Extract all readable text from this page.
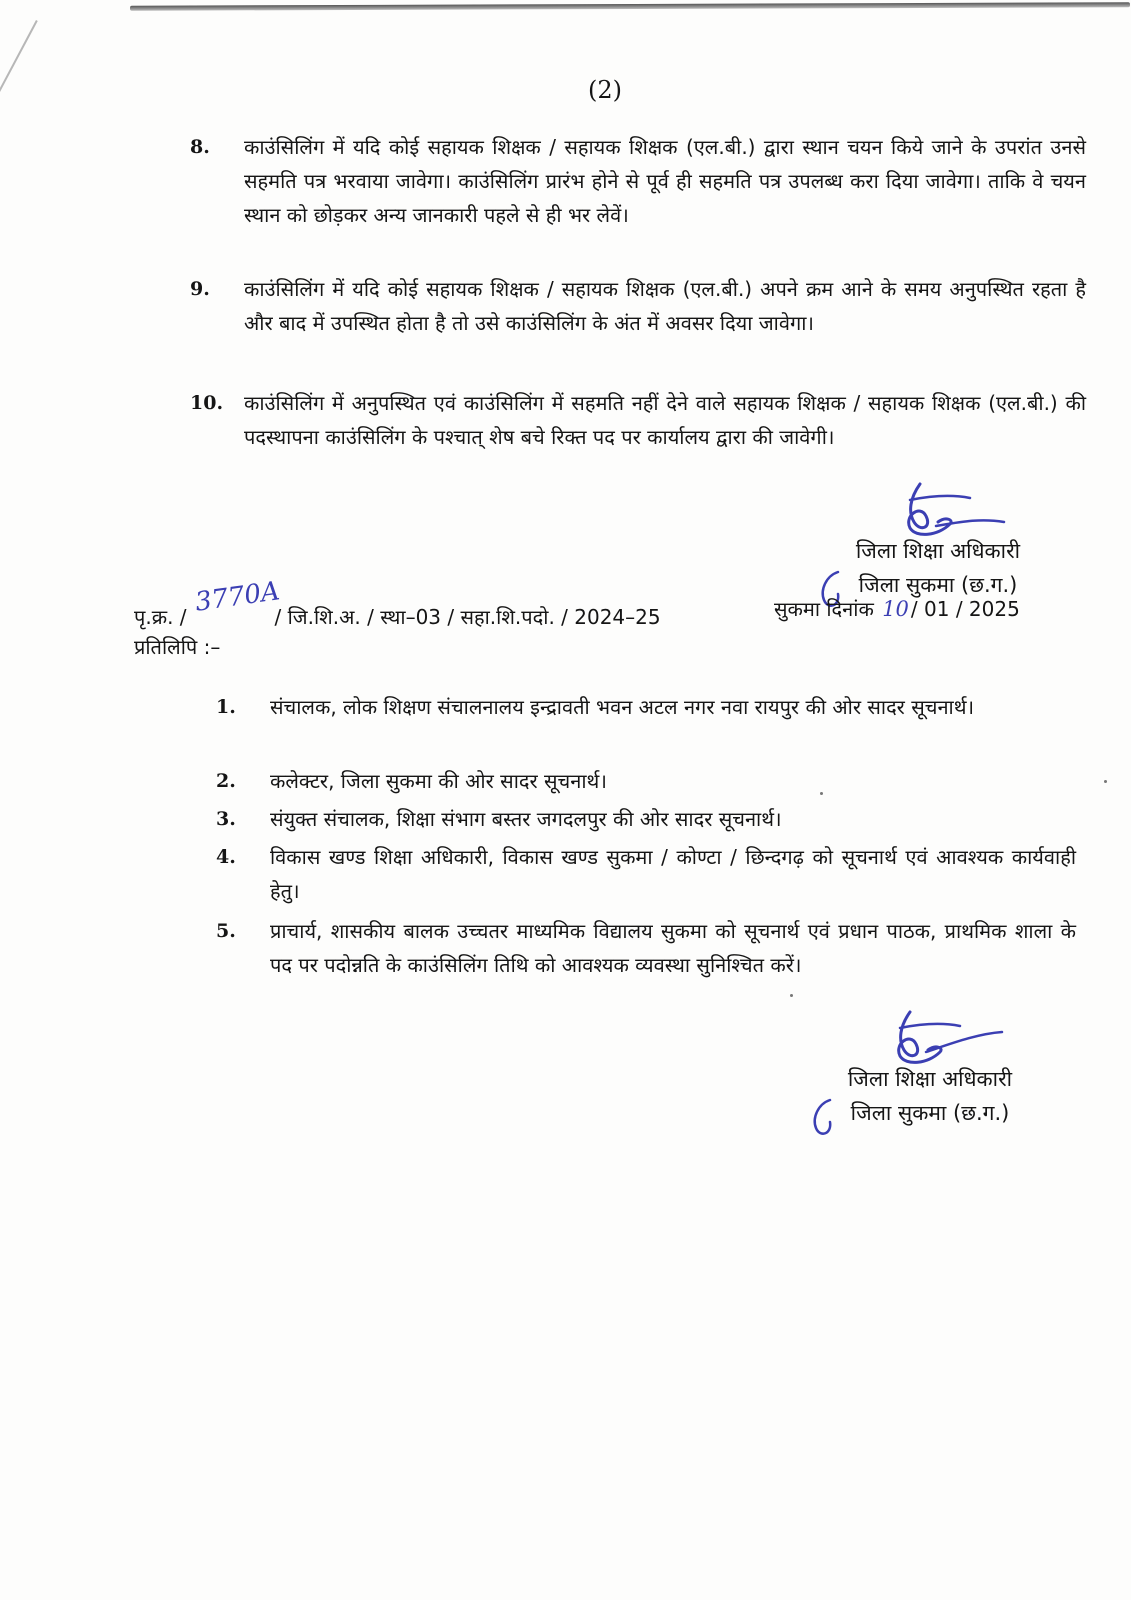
(2)
8. काउंसिलिंग में यदि कोई सहायक शिक्षक / सहायक शिक्षक (एल.बी.) द्वारा स्थान चयन किये जाने के उपरांत उनसे सहमति पत्र भरवाया जावेगा। काउंसिलिंग प्रारंभ होने से पूर्व ही सहमति पत्र उपलब्ध करा दिया जावेगा। ताकि वे चयन स्थान को छोड़कर अन्य जानकारी पहले से ही भर लेवें।
9. काउंसिलिंग में यदि कोई सहायक शिक्षक / सहायक शिक्षक (एल.बी.) अपने क्रम आने के समय अनुपस्थित रहता है और बाद में उपस्थित होता है तो उसे काउंसिलिंग के अंत में अवसर दिया जावेगा।
10. काउंसिलिंग में अनुपस्थित एवं काउंसिलिंग में सहमति नहीं देने वाले सहायक शिक्षक / सहायक शिक्षक (एल.बी.) की पदस्थापना काउंसिलिंग के पश्चात् शेष बचे रिक्त पद पर कार्यालय द्वारा की जावेगी।
जिला शिक्षा अधिकारी
जिला सुकमा (छ.ग.)
पृ.क्र. / 3770A
/ जि.शि.अ. / स्था–03 / सहा.शि.पदो. / 2024–25	सुकमा दिनांक 10 / 01 / 2025
प्रतिलिपि :–
1. संचालक, लोक शिक्षण संचालनालय इन्द्रावती भवन अटल नगर नवा रायपुर की ओर सादर सूचनार्थ।
2. कलेक्टर, जिला सुकमा की ओर सादर सूचनार्थ।
3. संयुक्त संचालक, शिक्षा संभाग बस्तर जगदलपुर की ओर सादर सूचनार्थ।
4. विकास खण्ड शिक्षा अधिकारी, विकास खण्ड सुकमा / कोण्टा / छिन्दगढ़ को सूचनार्थ एवं आवश्यक कार्यवाही हेतु।
5. प्राचार्य, शासकीय बालक उच्चतर माध्यमिक विद्यालय सुकमा को सूचनार्थ एवं प्रधान पाठक, प्राथमिक शाला के पद पर पदोन्नति के काउंसिलिंग तिथि को आवश्यक व्यवस्था सुनिश्चित करें।
जिला शिक्षा अधिकारी
जिला सुकमा (छ.ग.)
